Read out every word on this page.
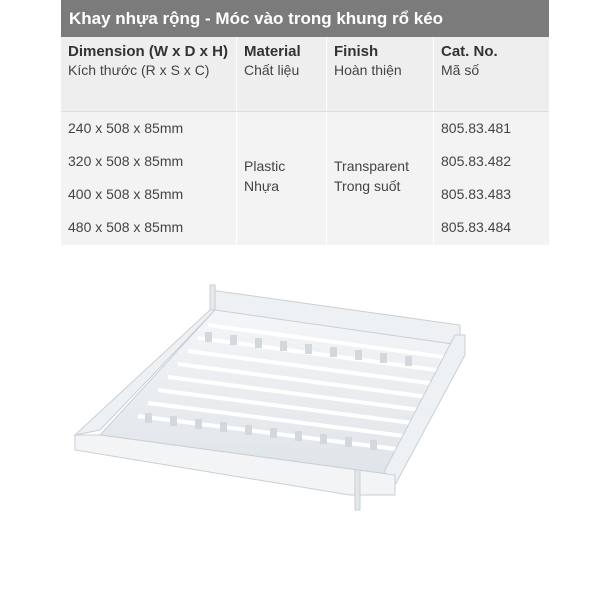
Khay nhựa rộng - Móc vào trong khung rổ kéo
Dimension (W x D x H)
Kích thước (R x S x C)
Material
Chất liệu
Finish
Hoàn thiện
Cat. No.
Mã số
240 x 508 x 85mm
320 x 508 x 85mm
400 x 508 x 85mm
480 x 508 x 85mm
Plastic
Nhựa
Transparent
Trong suốt
805.83.481
805.83.482
805.83.483
805.83.484
